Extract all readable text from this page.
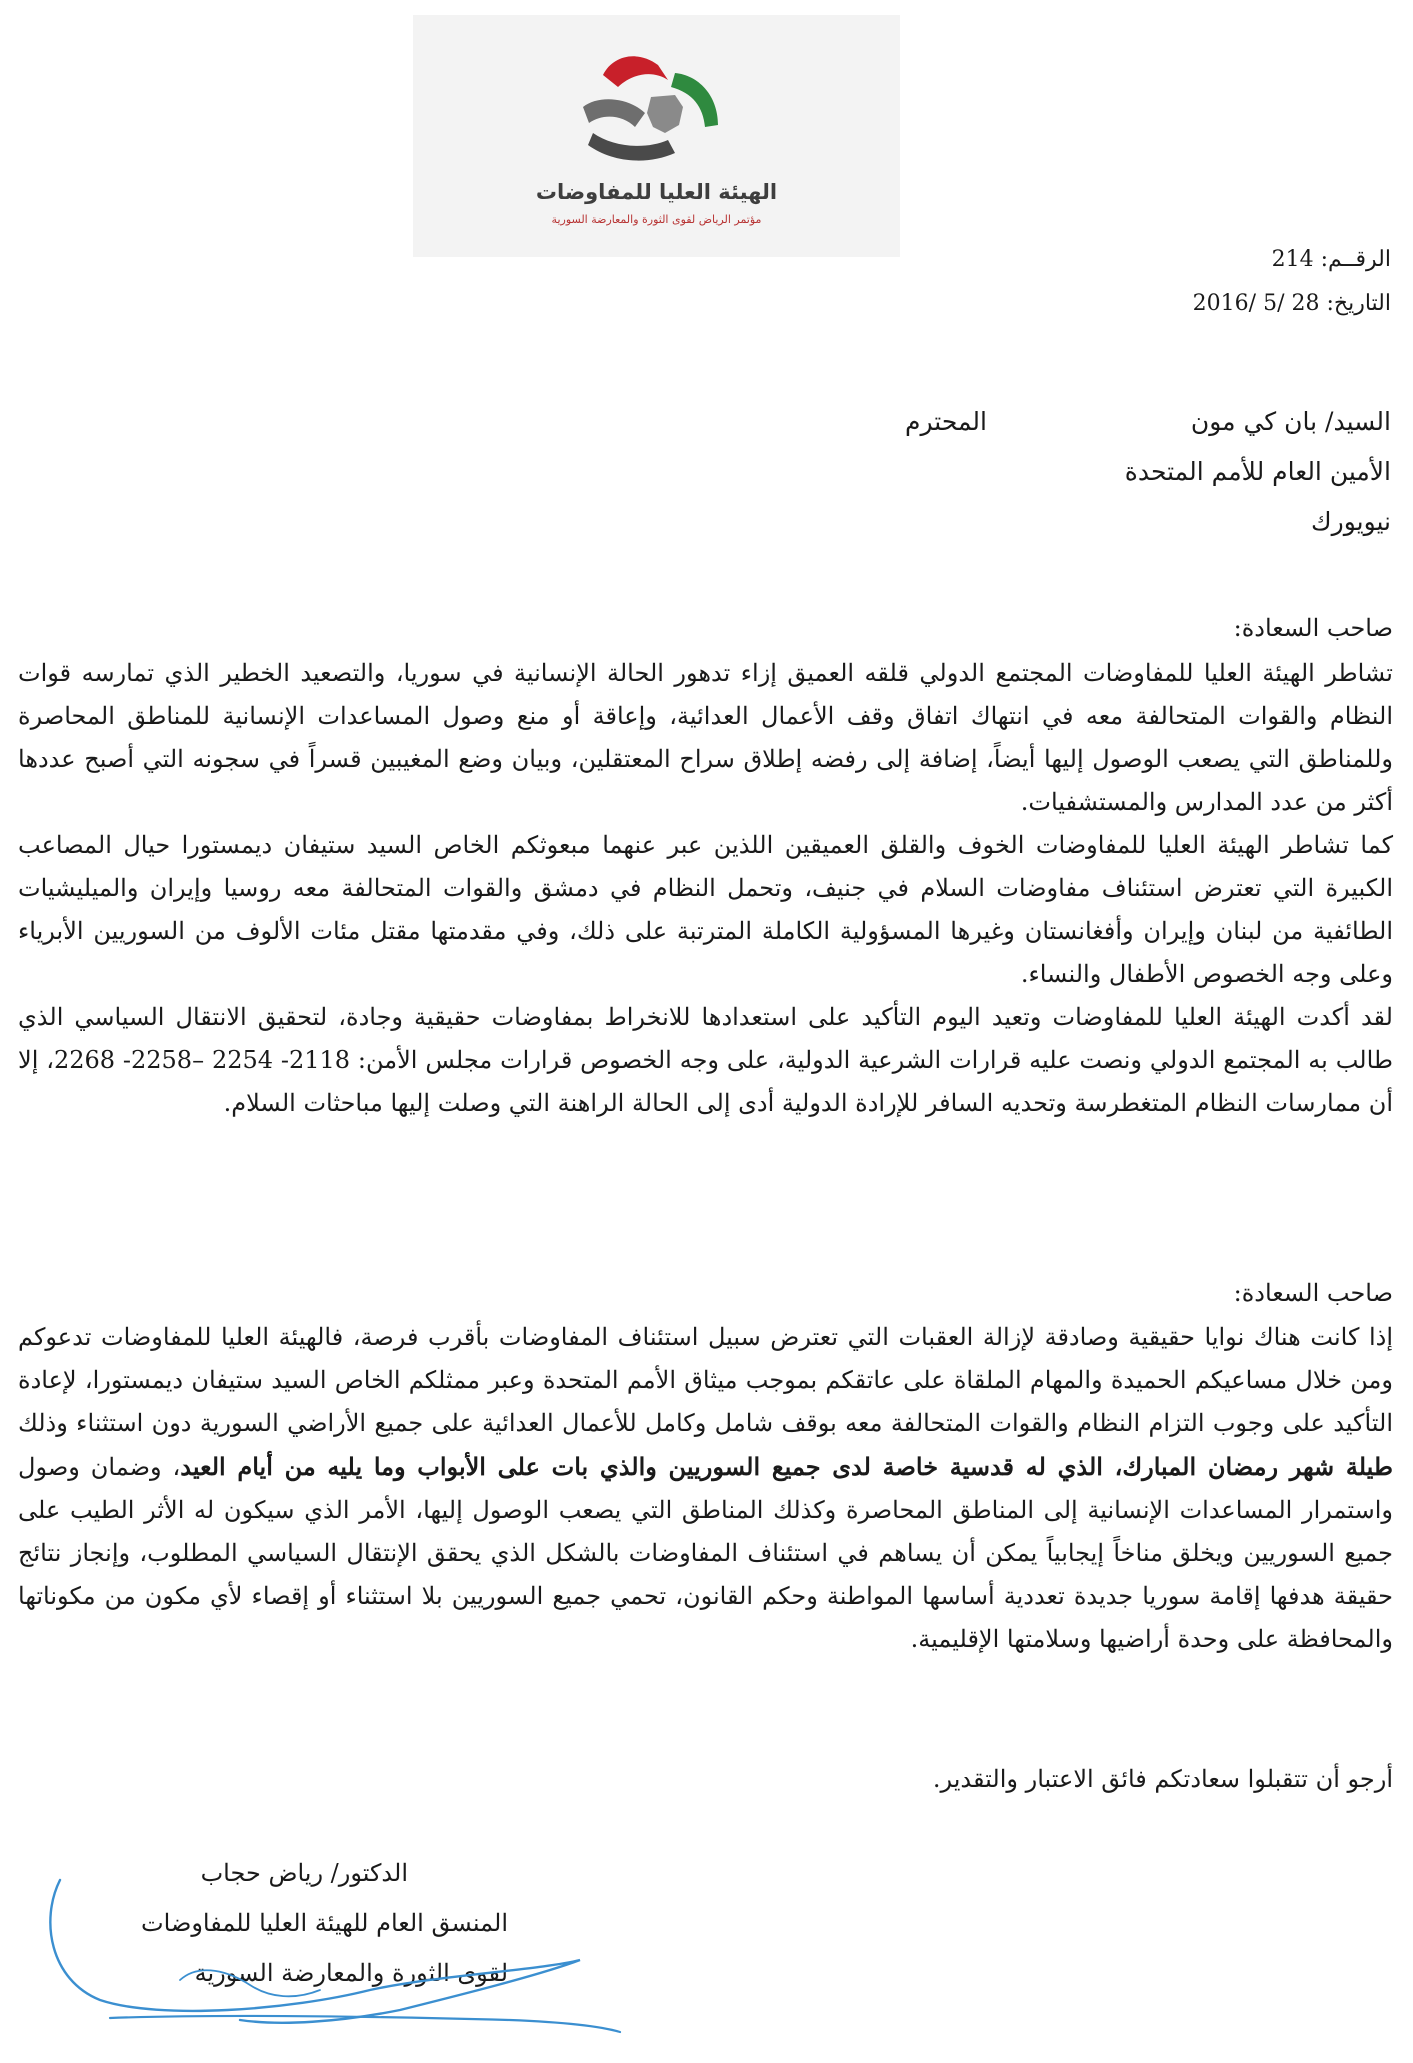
الهيئة العليا للمفاوضات
مؤتمر الرياض لقوى الثورة والمعارضة السورية
الرقــم: 214
التاريخ: 28 /5 /2016
السيد/ بان كي مون
المحترم
الأمين العام للأمم المتحدة
نيويورك
صاحب السعادة:

تشاطر الهيئة العليا للمفاوضات المجتمع الدولي قلقه العميق إزاء تدهور الحالة الإنسانية في سوريا، والتصعيد الخطير الذي تمارسه قوات النظام والقوات المتحالفة معه في انتهاك اتفاق وقف الأعمال العدائية، وإعاقة أو منع وصول المساعدات الإنسانية للمناطق المحاصرة وللمناطق التي يصعب الوصول إليها أيضاً، إضافة إلى رفضه إطلاق سراح المعتقلين، وبيان وضع المغيبين قسراً في سجونه التي أصبح عددها أكثر من عدد المدارس والمستشفيات.

كما تشاطر الهيئة العليا للمفاوضات الخوف والقلق العميقين اللذين عبر عنهما مبعوثكم الخاص السيد ستيفان ديمستورا حيال المصاعب الكبيرة التي تعترض استئناف مفاوضات السلام في جنيف، وتحمل النظام في دمشق والقوات المتحالفة معه روسيا وإيران والميليشيات الطائفية من لبنان وإيران وأفغانستان وغيرها المسؤولية الكاملة المترتبة على ذلك، وفي مقدمتها مقتل مئات الألوف من السوريين الأبرياء وعلى وجه الخصوص الأطفال والنساء.

لقد أكدت الهيئة العليا للمفاوضات وتعيد اليوم التأكيد على استعدادها للانخراط بمفاوضات حقيقية وجادة، لتحقيق الانتقال السياسي الذي طالب به المجتمع الدولي ونصت عليه قرارات الشرعية الدولية، على وجه الخصوص قرارات مجلس الأمن: 2118- 2254 –2258- 2268، إلا أن ممارسات النظام المتغطرسة وتحديه السافر للإرادة الدولية أدى إلى الحالة الراهنة التي وصلت إليها مباحثات السلام.

صاحب السعادة:

إذا كانت هناك نوايا حقيقية وصادقة لإزالة العقبات التي تعترض سبيل استئناف المفاوضات بأقرب فرصة، فالهيئة العليا للمفاوضات تدعوكم ومن خلال مساعيكم الحميدة والمهام الملقاة على عاتقكم بموجب ميثاق الأمم المتحدة وعبر ممثلكم الخاص السيد ستيفان ديمستورا، لإعادة التأكيد على وجوب التزام النظام والقوات المتحالفة معه بوقف شامل وكامل للأعمال العدائية على جميع الأراضي السورية دون استثناء وذلك طيلة شهر رمضان المبارك، الذي له قدسية خاصة لدى جميع السوريين والذي بات على الأبواب وما يليه من أيام العيد، وضمان وصول واستمرار المساعدات الإنسانية إلى المناطق المحاصرة وكذلك المناطق التي يصعب الوصول إليها، الأمر الذي سيكون له الأثر الطيب على جميع السوريين ويخلق مناخاً إيجابياً يمكن أن يساهم في استئناف المفاوضات بالشكل الذي يحقق الإنتقال السياسي المطلوب، وإنجاز نتائج حقيقة هدفها إقامة سوريا جديدة تعددية أساسها المواطنة وحكم القانون، تحمي جميع السوريين بلا استثناء أو إقصاء لأي مكون من مكوناتها والمحافظة على وحدة أراضيها وسلامتها الإقليمية.

أرجو أن تتقبلوا سعادتكم فائق الاعتبار والتقدير.
الدكتور/ رياض حجاب
المنسق العام للهيئة العليا للمفاوضات
لقوى الثورة والمعارضة السورية
